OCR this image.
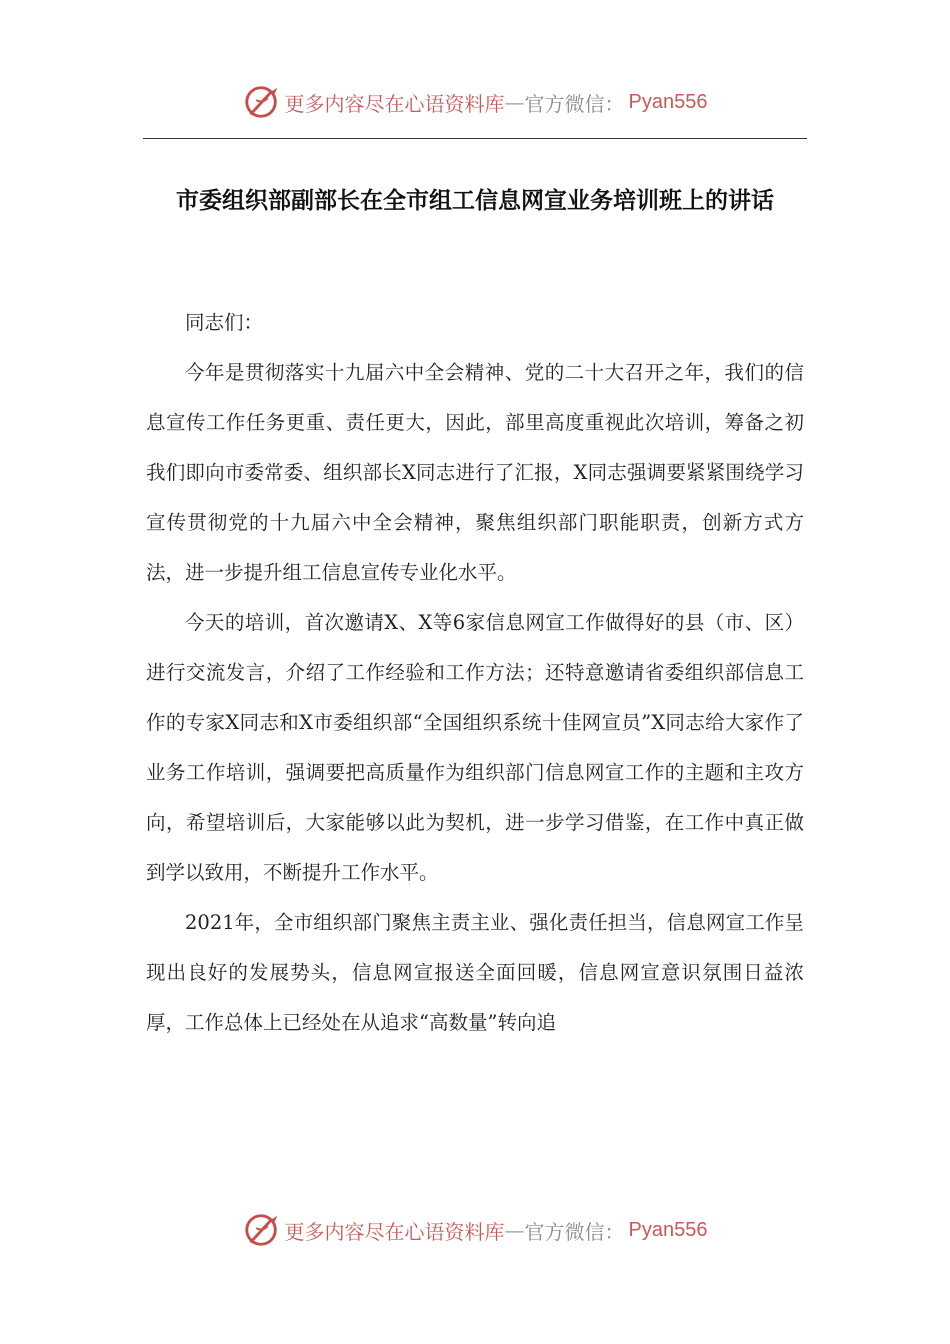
更多内容尽在心语资料库 — 官方微信： Pyan556
市委组织部副部长在全市组工信息网宣业务培训班上的讲话

同志们：

今年是贯彻落实十九届六中全会精神、党的二十大召开之年，我们的信息宣传工作任务更重、责任更大，因此，部里高度重视此次培训，筹备之初我们即向市委常委、组织部长X同志进行了汇报，X同志强调要紧紧围绕学习宣传贯彻党的十九届六中全会精神，聚焦组织部门职能职责，创新方式方法，进一步提升组工信息宣传专业化水平。

今天的培训，首次邀请X、X等6家信息网宣工作做得好的县（市、区）进行交流发言，介绍了工作经验和工作方法；还特意邀请省委组织部信息工作的专家X同志和X市委组织部“全国组织系统十佳网宣员”X同志给大家作了业务工作培训，强调要把高质量作为组织部门信息网宣工作的主题和主攻方向，希望培训后，大家能够以此为契机，进一步学习借鉴，在工作中真正做到学以致用，不断提升工作水平。

2021年，全市组织部门聚焦主责主业、强化责任担当，信息网宣工作呈现出良好的发展势头，信息网宣报送全面回暖，信息网宣意识氛围日益浓厚，工作总体上已经处在从追求“高数量”转向追

更多内容尽在心语资料库 — 官方微信： Pyan556
